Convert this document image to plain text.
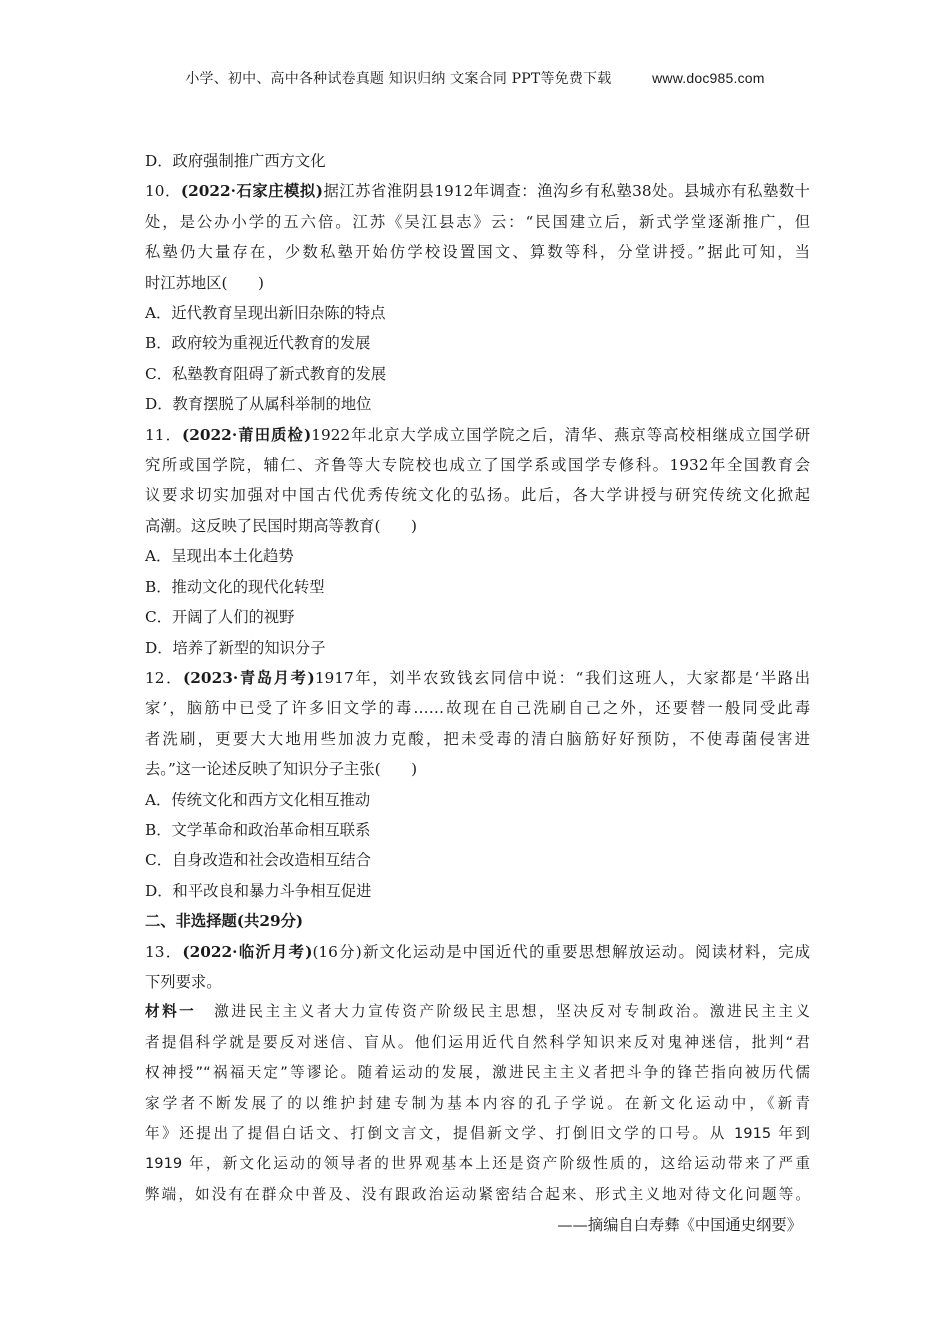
小学、初中、高中各种试卷真题 知识归纳 文案合同 PPT等免费下载	www.doc985.com
D．政府强制推广西方文化
10．(2022·石家庄模拟)据江苏省淮阴县1912年调查：渔沟乡有私塾38处。县城亦有私塾数十
处，是公办小学的五六倍。江苏《吴江县志》云：“民国建立后，新式学堂逐渐推广，但
私塾仍大量存在，少数私塾开始仿学校设置国文、算数等科，分堂讲授。”据此可知，当
时江苏地区(　　)
A．近代教育呈现出新旧杂陈的特点
B．政府较为重视近代教育的发展
C．私塾教育阻碍了新式教育的发展
D．教育摆脱了从属科举制的地位
11．(2022·莆田质检)1922年北京大学成立国学院之后，清华、燕京等高校相继成立国学研
究所或国学院，辅仁、齐鲁等大专院校也成立了国学系或国学专修科。1932年全国教育会
议要求切实加强对中国古代优秀传统文化的弘扬。此后，各大学讲授与研究传统文化掀起
高潮。这反映了民国时期高等教育(　　)
A．呈现出本土化趋势
B．推动文化的现代化转型
C．开阔了人们的视野
D．培养了新型的知识分子
12．(2023·青岛月考)1917年，刘半农致钱玄同信中说：“我们这班人，大家都是‘半路出
家’，脑筋中已受了许多旧文学的毒……故现在自己洗刷自己之外，还要替一般同受此毒
者洗刷，更要大大地用些加波力克酸，把未受毒的清白脑筋好好预防，不使毒菌侵害进
去。”这一论述反映了知识分子主张(　　)
A．传统文化和西方文化相互推动
B．文学革命和政治革命相互联系
C．自身改造和社会改造相互结合
D．和平改良和暴力斗争相互促进
二、非选择题(共29分)
13．(2022·临沂月考)(16分)新文化运动是中国近代的重要思想解放运动。阅读材料，完成
下列要求。
材料一 激进民主主义者大力宣传资产阶级民主思想，坚决反对专制政治。激进民主主义
者提倡科学就是要反对迷信、盲从。他们运用近代自然科学知识来反对鬼神迷信，批判“君
权神授”“祸福天定”等谬论。随着运动的发展，激进民主主义者把斗争的锋芒指向被历代儒
家学者不断发展了的以维护封建专制为基本内容的孔子学说。在新文化运动中，《新青
年》还提出了提倡白话文、打倒文言文，提倡新文学、打倒旧文学的口号。从 1915 年到
1919 年，新文化运动的领导者的世界观基本上还是资产阶级性质的，这给运动带来了严重
弊端，如没有在群众中普及、没有跟政治运动紧密结合起来、形式主义地对待文化问题等。
——摘编自白寿彝《中国通史纲要》
